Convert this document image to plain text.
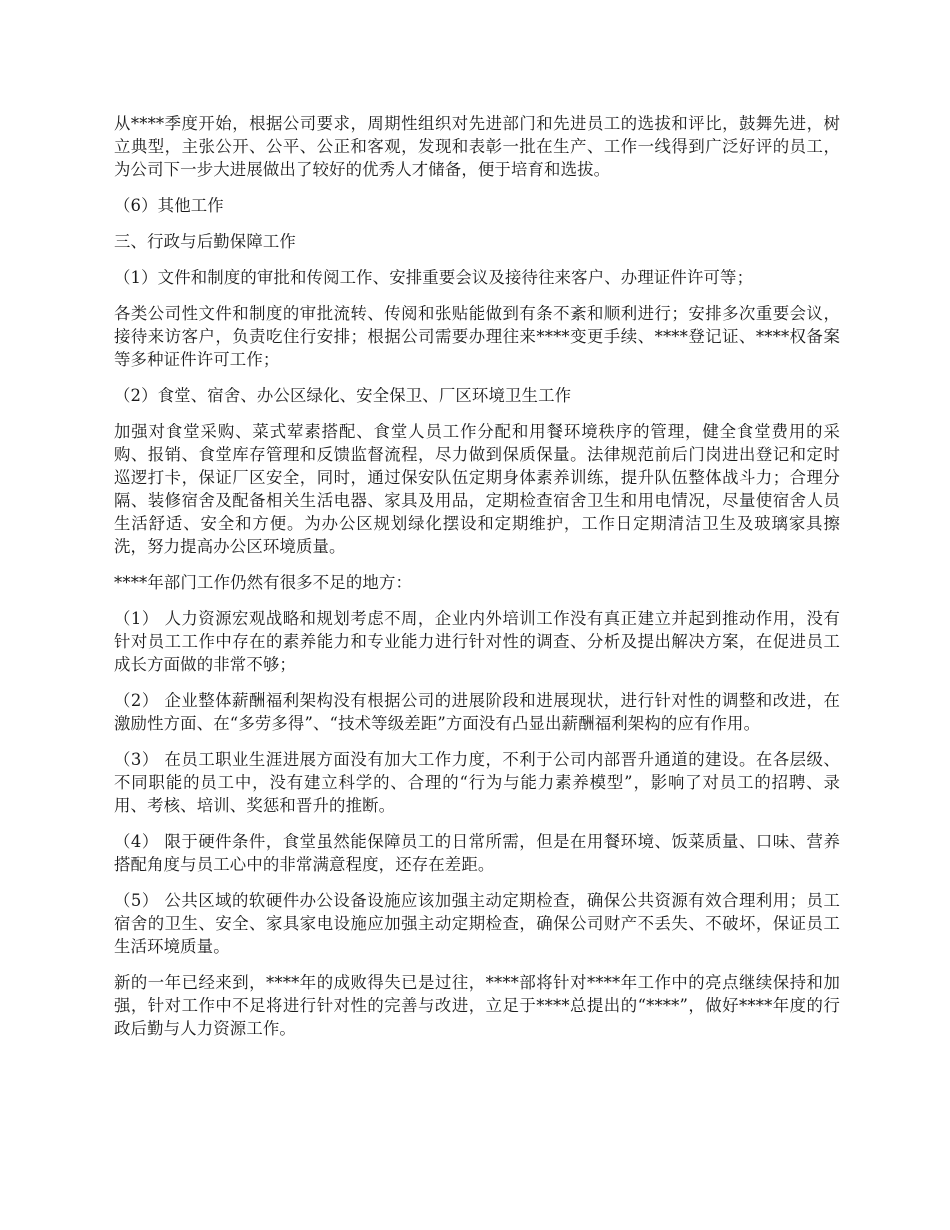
从****季度开始，根据公司要求，周期性组织对先进部门和先进员工的选拔和评比，鼓舞先进，树立典型，主张公开、公平、公正和客观，发现和表彰一批在生产、工作一线得到广泛好评的员工，为公司下一步大进展做出了较好的优秀人才储备，便于培育和选拔。

（6）其他工作

三、行政与后勤保障工作

（1）文件和制度的审批和传阅工作、安排重要会议及接待往来客户、办理证件许可等；

各类公司性文件和制度的审批流转、传阅和张贴能做到有条不紊和顺利进行；安排多次重要会议，接待来访客户，负责吃住行安排；根据公司需要办理往来****变更手续、****登记证、****权备案等多种证件许可工作；

（2）食堂、宿舍、办公区绿化、安全保卫、厂区环境卫生工作

加强对食堂采购、菜式荤素搭配、食堂人员工作分配和用餐环境秩序的管理，健全食堂费用的采购、报销、食堂库存管理和反馈监督流程，尽力做到保质保量。法律规范前后门岗进出登记和定时巡逻打卡，保证厂区安全，同时，通过保安队伍定期身体素养训练，提升队伍整体战斗力；合理分隔、装修宿舍及配备相关生活电器、家具及用品，定期检查宿舍卫生和用电情况，尽量使宿舍人员生活舒适、安全和方便。为办公区规划绿化摆设和定期维护，工作日定期清洁卫生及玻璃家具擦洗，努力提高办公区环境质量。

****年部门工作仍然有很多不足的地方：

（1） 人力资源宏观战略和规划考虑不周，企业内外培训工作没有真正建立并起到推动作用，没有针对员工工作中存在的素养能力和专业能力进行针对性的调查、分析及提出解决方案，在促进员工成长方面做的非常不够；

（2） 企业整体薪酬福利架构没有根据公司的进展阶段和进展现状，进行针对性的调整和改进，在激励性方面、在“多劳多得”、“技术等级差距”方面没有凸显出薪酬福利架构的应有作用。

（3） 在员工职业生涯进展方面没有加大工作力度，不利于公司内部晋升通道的建设。在各层级、不同职能的员工中，没有建立科学的、合理的“行为与能力素养模型”，影响了对员工的招聘、录用、考核、培训、奖惩和晋升的推断。

（4） 限于硬件条件，食堂虽然能保障员工的日常所需，但是在用餐环境、饭菜质量、口味、营养搭配角度与员工心中的非常满意程度，还存在差距。

（5） 公共区域的软硬件办公设备设施应该加强主动定期检查，确保公共资源有效合理利用；员工宿舍的卫生、安全、家具家电设施应加强主动定期检查，确保公司财产不丢失、不破坏，保证员工生活环境质量。

新的一年已经来到，****年的成败得失已是过往，****部将针对****年工作中的亮点继续保持和加强，针对工作中不足将进行针对性的完善与改进，立足于****总提出的“****”，做好****年度的行政后勤与人力资源工作。
